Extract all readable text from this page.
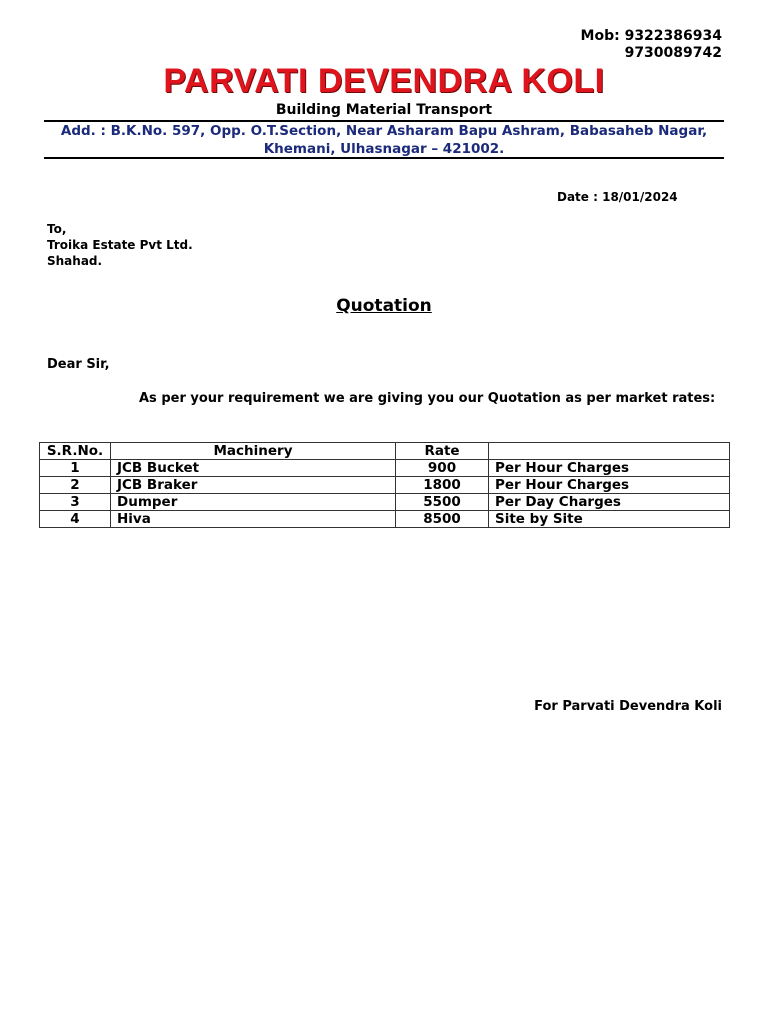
Mob: 9322386934
9730089742
PARVATI DEVENDRA KOLI
Building Material Transport
Add. : B.K.No. 597, Opp. O.T.Section, Near Asharam Bapu Ashram, Babasaheb Nagar,
Khemani, Ulhasnagar – 421002.
Date : 18/01/2024
To,
Troika Estate Pvt Ltd.
Shahad.
Quotation
Dear Sir,
As per your requirement we are giving you our Quotation as per market rates:
S.R.No.	Machinery	Rate	
1	JCB Bucket	900	Per Hour Charges
2	JCB Braker	1800	Per Hour Charges
3	Dumper	5500	Per Day Charges
4	Hiva	8500	Site by Site
For Parvati Devendra Koli
